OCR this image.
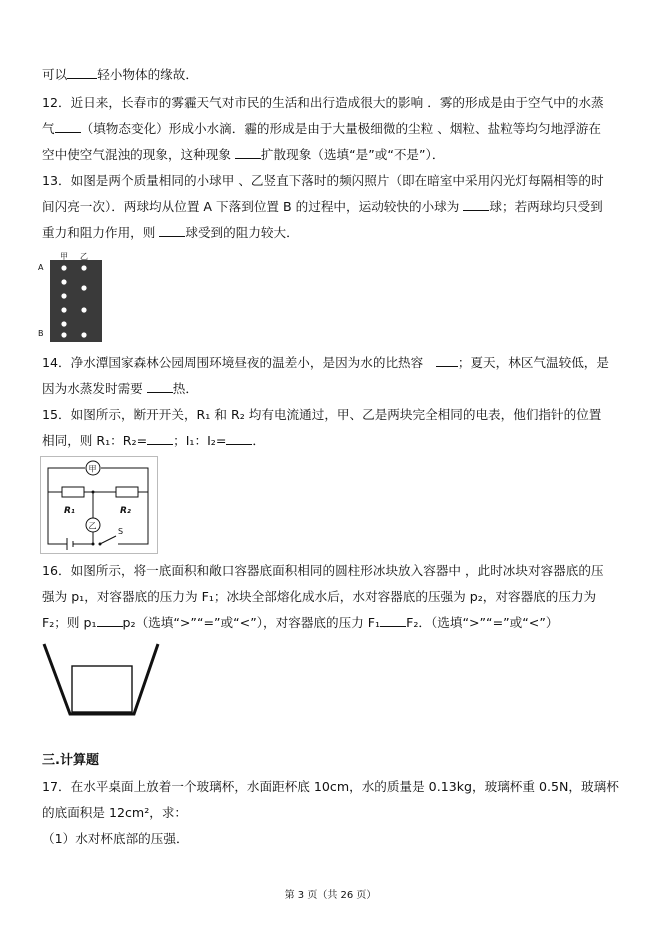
可以 轻小物体的缘故．
12．近日来，长春市的雾霾天气对市民的生活和出行造成很大的影响 ．雾的形成是由于空气中的水蒸
气 （填物态变化）形成小水滴．霾的形成是由于大量极细微的尘粒 、烟粒、盐粒等均匀地浮游在
空中使空气混浊的现象，这种现象 扩散现象（选填“是”或“不是”）．
13．如图是两个质量相同的小球甲 、乙竖直下落时的频闪照片（即在暗室中采用闪光灯每隔相等的时
间闪亮一次）．两球均从位置 A 下落到位置 B 的过程中，运动较快的小球为 球；若两球均只受到
重力和阻力作用，则 球受到的阻力较大．
甲 乙
A
B
14．净水潭国家森林公园周围环境昼夜的温差小，是因为水的比热容　；夏天，林区气温较低，是
因为水蒸发时需要 热．
15．如图所示，断开开关，R₁ 和 R₂ 均有电流通过，甲、乙是两块完全相同的电表，他们指针的位置
相同，则 R₁：R₂= ；I₁：I₂= ．
甲
乙
R₁	R₂
S
16．如图所示，将一底面积和敞口容器底面积相同的圆柱形冰块放入容器中 ，此时冰块对容器底的压
强为 p₁，对容器底的压力为 F₁；冰块全部熔化成水后，水对容器底的压强为 p₂，对容器底的压力为
F₂；则 p₁ p₂（选填“>”“=”或“<”），对容器底的压力 F₁ F₂．（选填“>”“=”或“<”）
三.计算题
17．在水平桌面上放着一个玻璃杯，水面距杯底 10cm，水的质量是 0.13kg，玻璃杯重 0.5N，玻璃杯
的底面积是 12cm²，求：
（1）水对杯底部的压强．
第 3 页（共 26 页）
